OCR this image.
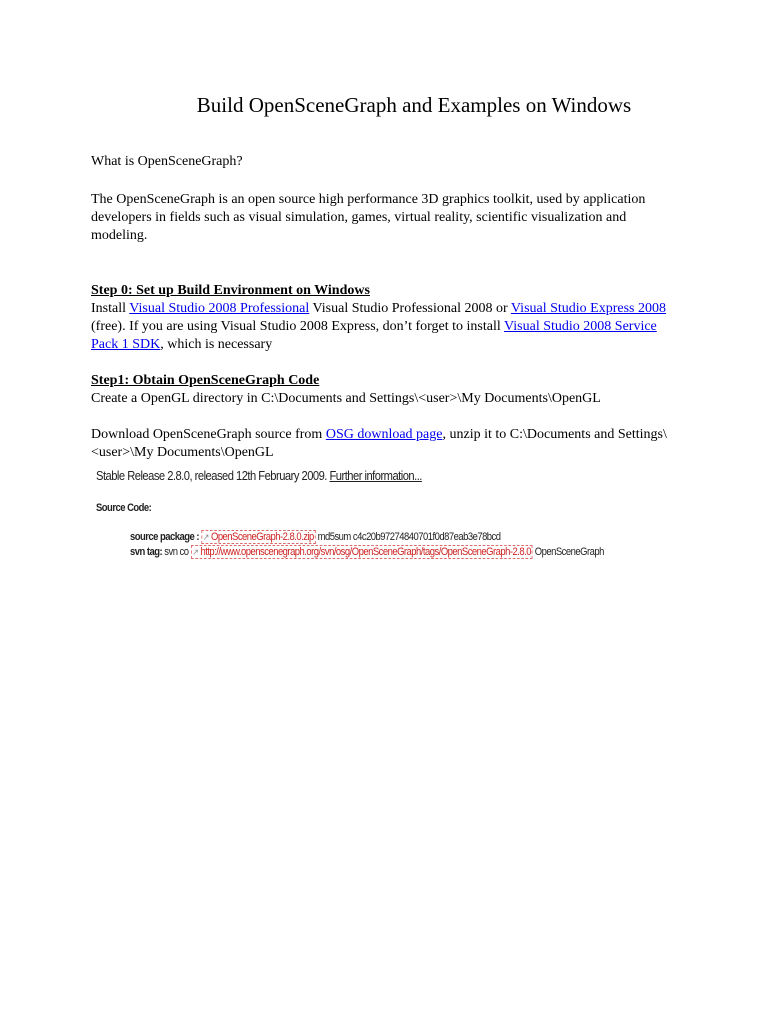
Build OpenSceneGraph and Examples on Windows
What is OpenSceneGraph?
The OpenSceneGraph is an open source high performance 3D graphics toolkit, used by application developers in fields such as visual simulation, games, virtual reality, scientific visualization and modeling.
Step 0: Set up Build Environment on Windows
Install Visual Studio 2008 Professional Visual Studio Professional 2008 or Visual Studio Express 2008 (free). If you are using Visual Studio 2008 Express, don’t forget to install Visual Studio 2008 Service Pack 1 SDK, which is necessary
Step1: Obtain OpenSceneGraph Code
Create a OpenGL directory in C:\Documents and Settings\<user>\My Documents\OpenGL
Download OpenSceneGraph source from OSG download page, unzip it to C:\Documents and Settings\<user>\My Documents\OpenGL
Stable Release 2.8.0, released 12th February 2009. Further information...
Source Code:
source package : ↗ OpenSceneGraph-2.8.0.zip md5sum c4c20b97274840701f0d87eab3e78bcd
svn tag: svn co ↗ http://www.openscenegraph.org/svn/osg/OpenSceneGraph/tags/OpenSceneGraph-2.8.0 OpenSceneGraph
